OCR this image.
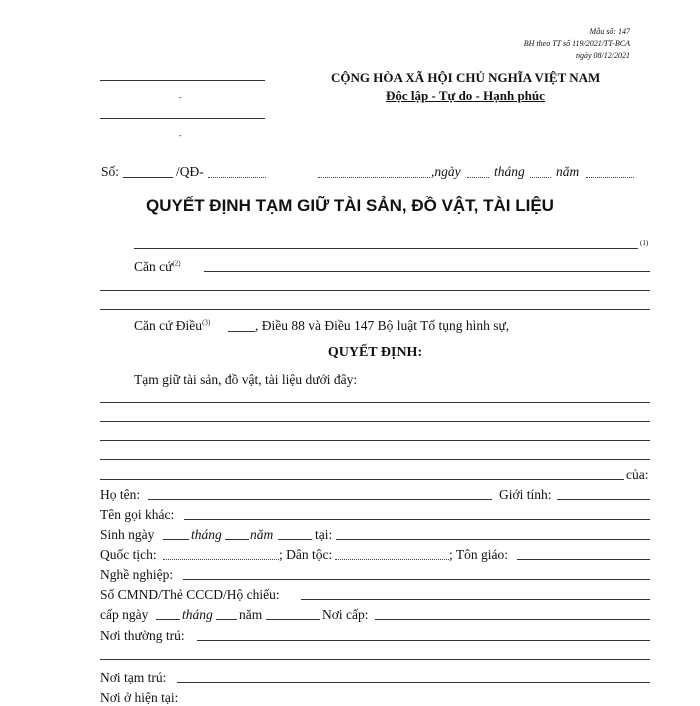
Mẫu số: 147
BH theo TT số 119/2021/TT-BCA
ngày 08/12/2021
-
-
CỘNG HÒA XÃ HỘI CHỦ NGHĨA VIỆT NAM
Độc lập - Tự do - Hạnh phúc
Số:	/QĐ-	,ngày tháng năm
QUYẾT ĐỊNH TẠM GIỮ TÀI SẢN, ĐỒ VẬT, TÀI LIỆU
(1)
Căn cứ$^{(2)}$
Căn cứ Điều$^{(3)}$	, Điều 88 và Điều 147 Bộ luật Tố tụng hình sự,
QUYẾT ĐỊNH:
Tạm giữ tài sản, đồ vật, tài liệu dưới đây:
của:
Họ tên:	Giới tính:
Tên gọi khác:
Sinh ngày	tháng năm	tại:
Quốc tịch:	; Dân tộc:	; Tôn giáo:
Nghề nghiệp:
Số CMND/Thẻ CCCD/Hộ chiếu:
cấp ngày tháng năm	Nơi cấp:
Nơi thường trú:
Nơi tạm trú:
Nơi ở hiện tại:
